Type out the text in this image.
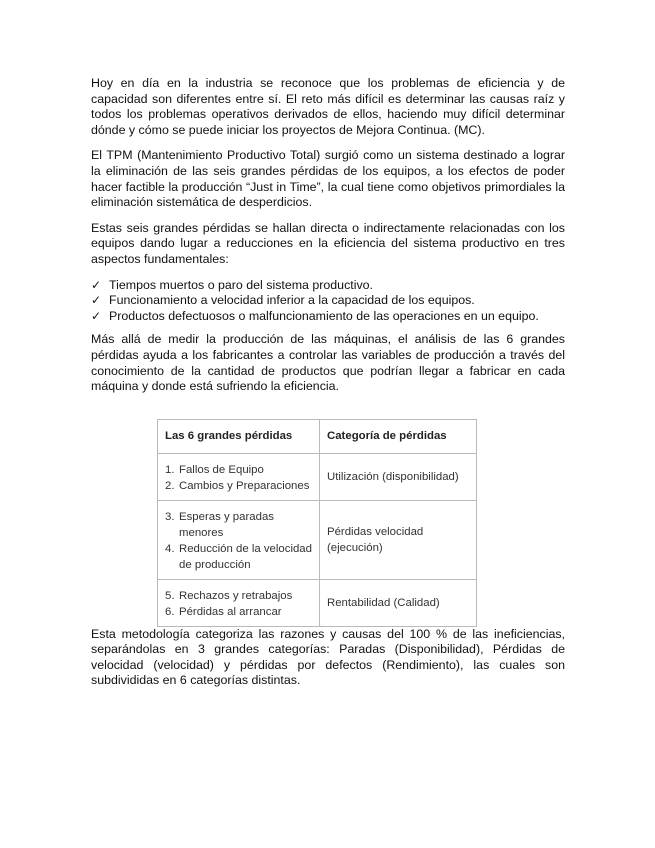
Hoy en día en la industria se reconoce que los problemas de eficiencia y de capacidad son diferentes entre sí. El reto más difícil es determinar las causas raíz y todos los problemas operativos derivados de ellos, haciendo muy difícil determinar dónde y cómo se puede iniciar los proyectos de Mejora Continua. (MC).

El TPM (Mantenimiento Productivo Total) surgió como un sistema destinado a lograr la eliminación de las seis grandes pérdidas de los equipos, a los efectos de poder hacer factible la producción “Just in Time”, la cual tiene como objetivos primordiales la eliminación sistemática de desperdicios.

Estas seis grandes pérdidas se hallan directa o indirectamente relacionadas con los equipos dando lugar a reducciones en la eficiencia del sistema productivo en tres aspectos fundamentales:

✓ Tiempos muertos o paro del sistema productivo.
✓ Funcionamiento a velocidad inferior a la capacidad de los equipos.
✓ Productos defectuosos o malfuncionamiento de las operaciones en un equipo.

Más allá de medir la producción de las máquinas, el análisis de las 6 grandes pérdidas ayuda a los fabricantes a controlar las variables de producción a través del conocimiento de la cantidad de productos que podrían llegar a fabricar en cada máquina y donde está sufriendo la eficiencia.

Las 6 grandes pérdidas	Categoría de pérdidas

1. Fallos de Equipo
2. Cambios y Preparaciones	Utilización (disponibilidad)

3. Esperas y paradas menores
4. Reducción de la velocidad de producción	Pérdidas velocidad (ejecución)

5. Rechazos y retrabajos
6. Pérdidas al arrancar	Rentabilidad (Calidad)

Esta metodología categoriza las razones y causas del 100 % de las ineficiencias, separándolas en 3 grandes categorías: Paradas (Disponibilidad), Pérdidas de velocidad (velocidad) y pérdidas por defectos (Rendimiento), las cuales son subdivididas en 6 categorías distintas.
